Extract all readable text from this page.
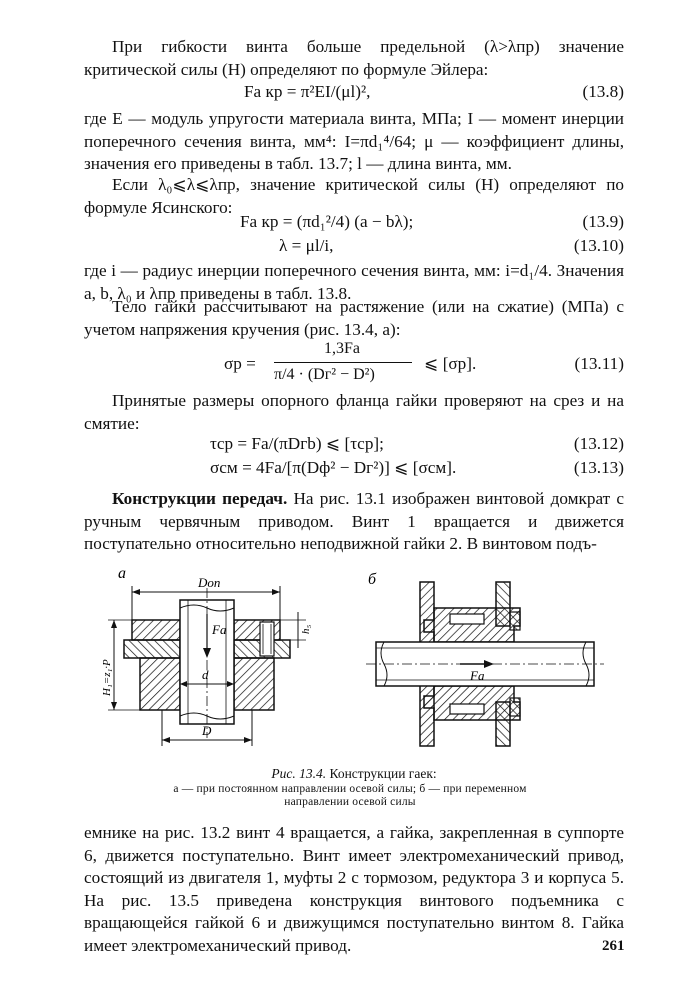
При гибкости винта больше предельной (λ>λпр) значение критической силы (Н) определяют по формуле Эйлера:

Fa кр = π²EI/(μl)²,	(13.8)

где E — модуль упругости материала винта, МПа; I — момент инерции поперечного сечения винта, мм⁴: I=πd₁⁴/64; μ — коэффициент длины, значения его приведены в табл. 13.7; l — длина винта, мм.

Если λ₀⩽λ⩽λпр, значение критической силы (Н) определяют по формуле Ясинского:

Fa кр = (πd₁²/4) (a − bλ);	(13.9)
λ = μl/i,	(13.10)

где i — радиус инерции поперечного сечения винта, мм: i=d₁/4. Значения a, b, λ₀ и λпр приведены в табл. 13.8.

Тело гайки рассчитывают на растяжение (или на сжатие) (МПа) с учетом напряжения кручения (рис. 13.4, а):

σр =
1,3Fa
π/4 · (Dг² − D²)
⩽ [σр].	(13.11)

Принятые размеры опорного фланца гайки проверяют на срез и на смятие:

τср = Fa/(πDгb) ⩽ [τср];	(13.12)
σсм = 4Fa/[π(Dф² − Dг²)] ⩽ [σсм].	(13.13)

Конструкции передач. На рис. 13.1 изображен винтовой домкрат с ручным червячным приводом. Винт 1 вращается и движется поступательно относительно неподвижной гайки 2. В винтовом подъ-

а	б
Dоп
Fa
d
D
h₅
H₁=z₁·P	Fa
Рис. 13.4. Конструкции гаек:
а — при постоянном направлении осевой силы; б — при переменном
направлении осевой силы

емнике на рис. 13.2 винт 4 вращается, а гайка, закрепленная в суппорте 6, движется поступательно. Винт имеет электромеханический привод, состоящий из двигателя 1, муфты 2 с тормозом, редуктора 3 и корпуса 5. На рис. 13.5 приведена конструкция винтового подъемника с вращающейся гайкой 6 и движущимся поступательно винтом 8. Гайка имеет электромеханический привод.	261
